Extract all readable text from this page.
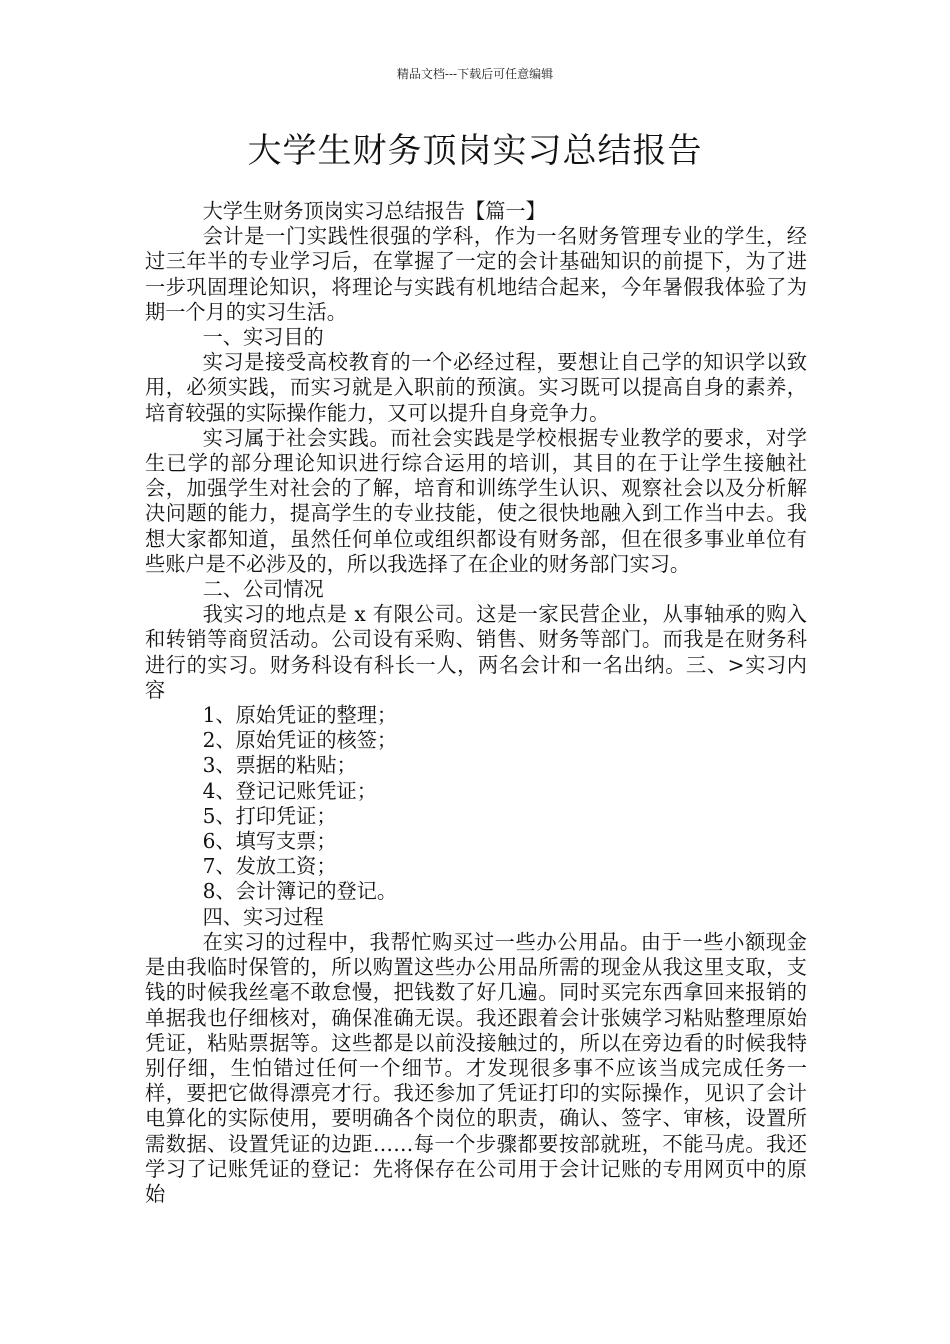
精品文档---下载后可任意编辑
大学生财务顶岗实习总结报告

大学生财务顶岗实习总结报告【篇一】

会计是一门实践性很强的学科，作为一名财务管理专业的学生，经过三年半的专业学习后，在掌握了一定的会计基础知识的前提下，为了进一步巩固理论知识，将理论与实践有机地结合起来，今年暑假我体验了为期一个月的实习生活。

一、实习目的

实习是接受高校教育的一个必经过程，要想让自己学的知识学以致用，必须实践，而实习就是入职前的预演。实习既可以提高自身的素养，培育较强的实际操作能力，又可以提升自身竞争力。

实习属于社会实践。而社会实践是学校根据专业教学的要求，对学生已学的部分理论知识进行综合运用的培训，其目的在于让学生接触社会，加强学生对社会的了解，培育和训练学生认识、观察社会以及分析解决问题的能力，提高学生的专业技能，使之很快地融入到工作当中去。我想大家都知道，虽然任何单位或组织都设有财务部，但在很多事业单位有些账户是不必涉及的，所以我选择了在企业的财务部门实习。

二、公司情况

我实习的地点是 x 有限公司。这是一家民营企业，从事轴承的购入和转销等商贸活动。公司设有采购、销售、财务等部门。而我是在财务科进行的实习。财务科设有科长一人，两名会计和一名出纳。三、>实习内容

1、原始凭证的整理；

2、原始凭证的核签；

3、票据的粘贴；

4、登记记账凭证；

5、打印凭证；

6、填写支票；

7、发放工资；

8、会计簿记的登记。

四、实习过程

在实习的过程中，我帮忙购买过一些办公用品。由于一些小额现金是由我临时保管的，所以购置这些办公用品所需的现金从我这里支取，支钱的时候我丝毫不敢怠慢，把钱数了好几遍。同时买完东西拿回来报销的单据我也仔细核对，确保准确无误。我还跟着会计张姨学习粘贴整理原始凭证，粘贴票据等。这些都是以前没接触过的，所以在旁边看的时候我特别仔细，生怕错过任何一个细节。才发现很多事不应该当成完成任务一样，要把它做得漂亮才行。我还参加了凭证打印的实际操作，见识了会计电算化的实际使用，要明确各个岗位的职责，确认、签字、审核，设置所需数据、设置凭证的边距……每一个步骤都要按部就班，不能马虎。我还学习了记账凭证的登记：先将保存在公司用于会计记账的专用网页中的原始
